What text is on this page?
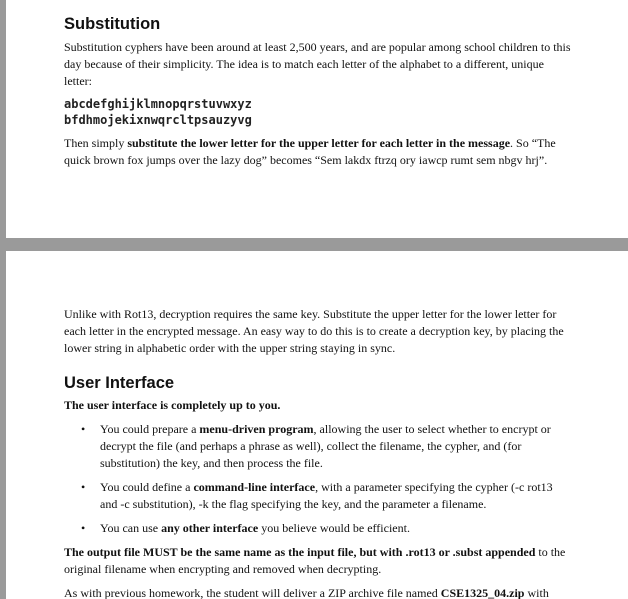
Substitution

Substitution cyphers have been around at least 2,500 years, and are popular among school children to this day because of their simplicity. The idea is to match each letter of the alphabet to a different, unique letter:

abcdefghijklmnopqrstuvwxyz
bfdhmojekixnwqrcltpsauzyvg

Then simply substitute the lower letter for the upper letter for each letter in the message. So “The quick brown fox jumps over the lazy dog” becomes “Sem lakdx ftrzq ory iawcp rumt sem nbgv hrj”.

Unlike with Rot13, decryption requires the same key. Substitute the upper letter for the lower letter for each letter in the encrypted message. An easy way to do this is to create a decryption key, by placing the lower string in alphabetic order with the upper string staying in sync.

User Interface

The user interface is completely up to you.

• You could prepare a menu-driven program, allowing the user to select whether to encrypt or decrypt the file (and perhaps a phrase as well), collect the filename, the cypher, and (for substitution) the key, and then process the file.
• You could define a command-line interface, with a parameter specifying the cypher (-c rot13 and -c substitution), -k the flag specifying the key, and the parameter a filename.
• You can use any other interface you believe would be efficient.

The output file MUST be the same name as the input file, but with .rot13 or .subst appended to the original filename when encrypting and removed when decrypting.

As with previous homework, the student will deliver a ZIP archive file named CSE1325_04.zip with
